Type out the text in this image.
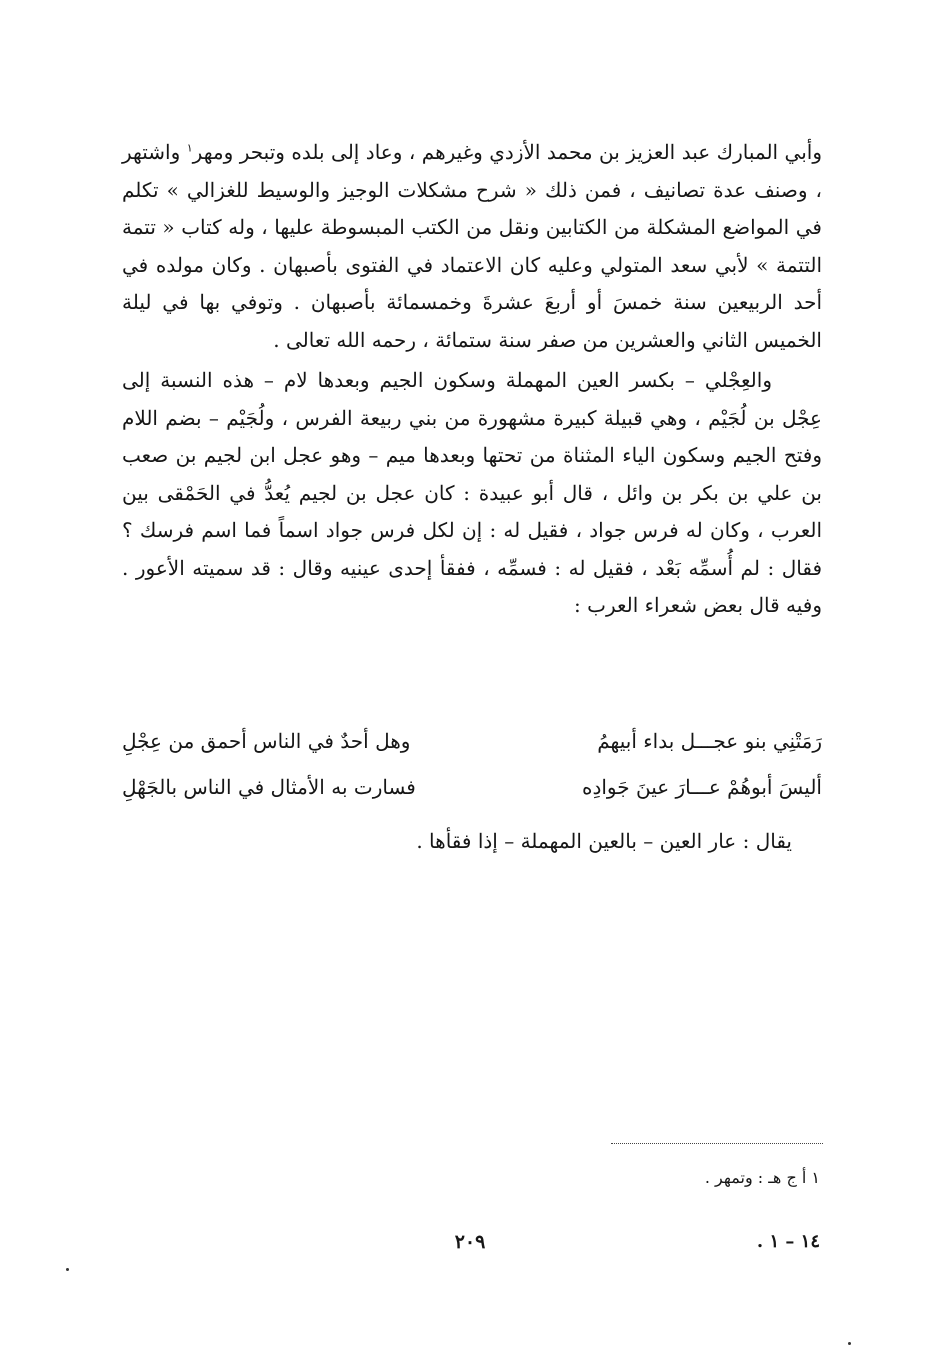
وأبي المبارك عبد العزيز بن محمد الأزدي وغيرهم ، وعاد إلى بلده وتبحر ومهر$^١$ واشتهر ، وصنف عدة تصانيف ، فمن ذلك « شرح مشكلات الوجيز والوسيط للغزالي » تكلم في المواضع المشكلة من الكتابين ونقل من الكتب المبسوطة عليها ، وله كتاب « تتمة التتمة » لأبي سعد المتولي وعليه كان الاعتماد في الفتوى بأصبهان . وكان مولده في أحد الربيعين سنة خمسَ أو أربعَ عشرةَ وخمسمائة بأصبهان . وتوفي بها في ليلة الخميس الثاني والعشرين من صفر سنة ستمائة ، رحمه الله تعالى .

والعِجْلي – بكسر العين المهملة وسكون الجيم وبعدها لام – هذه النسبة إلى عِجْل بن لُجَيْم ، وهي قبيلة كبيرة مشهورة من بني ربيعة الفرس ، ولُجَيْم – بضم اللام وفتح الجيم وسكون الياء المثناة من تحتها وبعدها ميم – وهو عجل ابن لجيم بن صعب بن علي بن بكر بن وائل ، قال أبو عبيدة : كان عجل بن لجيم يُعدُّ في الحَمْقى بين العرب ، وكان له فرس جواد ، فقيل له : إن لكل فرس جواد اسماً فما اسم فرسك ؟ فقال : لم أُسمِّه بَعْد ، فقيل له : فسمِّه ، ففقأ إحدى عينيه وقال : قد سميته الأعور . وفيه قال بعض شعراء العرب :

رَمَتْنِي بنو عجـــل بداء أبيهمُ
وهل أحدٌ في الناس أحمق من عِجْلِ
أليسَ أبوهُمْ عـــارَ عينَ جَوادِه
فسارت به الأمثال في الناس بالجَهْلِ
يقال : عار العين – بالعين المهملة – إذا فقأها .
١ أ ج هـ : وتمهر .
٢٠٩	١٤ – ١ .
